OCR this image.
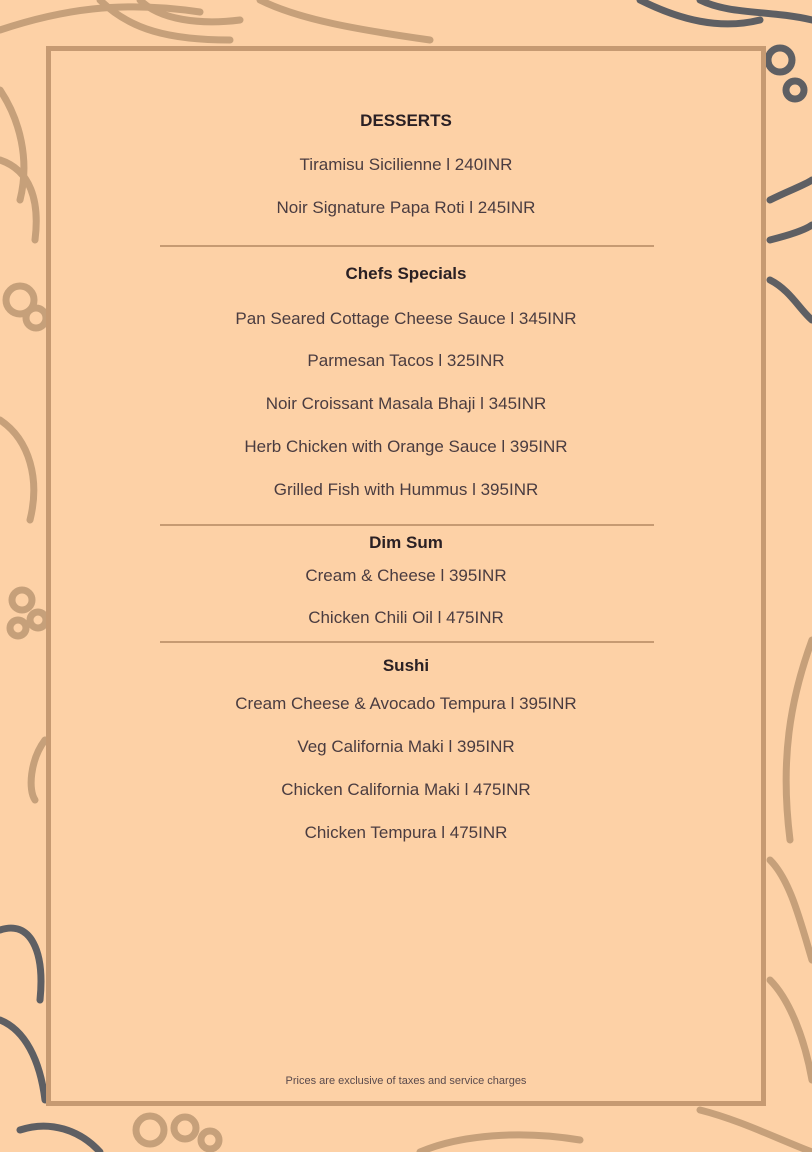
DESSERTS
Tiramisu Sicilienne l 240INR
Noir Signature Papa Roti l 245INR
Chefs Specials
Pan Seared Cottage Cheese Sauce l 345INR
Parmesan Tacos l 325INR
Noir Croissant Masala Bhaji l 345INR
Herb Chicken with Orange Sauce l 395INR
Grilled Fish with Hummus l 395INR
Dim Sum
Cream & Cheese l 395INR
Chicken Chili Oil l 475INR
Sushi
Cream Cheese & Avocado Tempura l 395INR
Veg California Maki l 395INR
Chicken California Maki l 475INR
Chicken Tempura l 475INR
Prices are exclusive of taxes and service charges
